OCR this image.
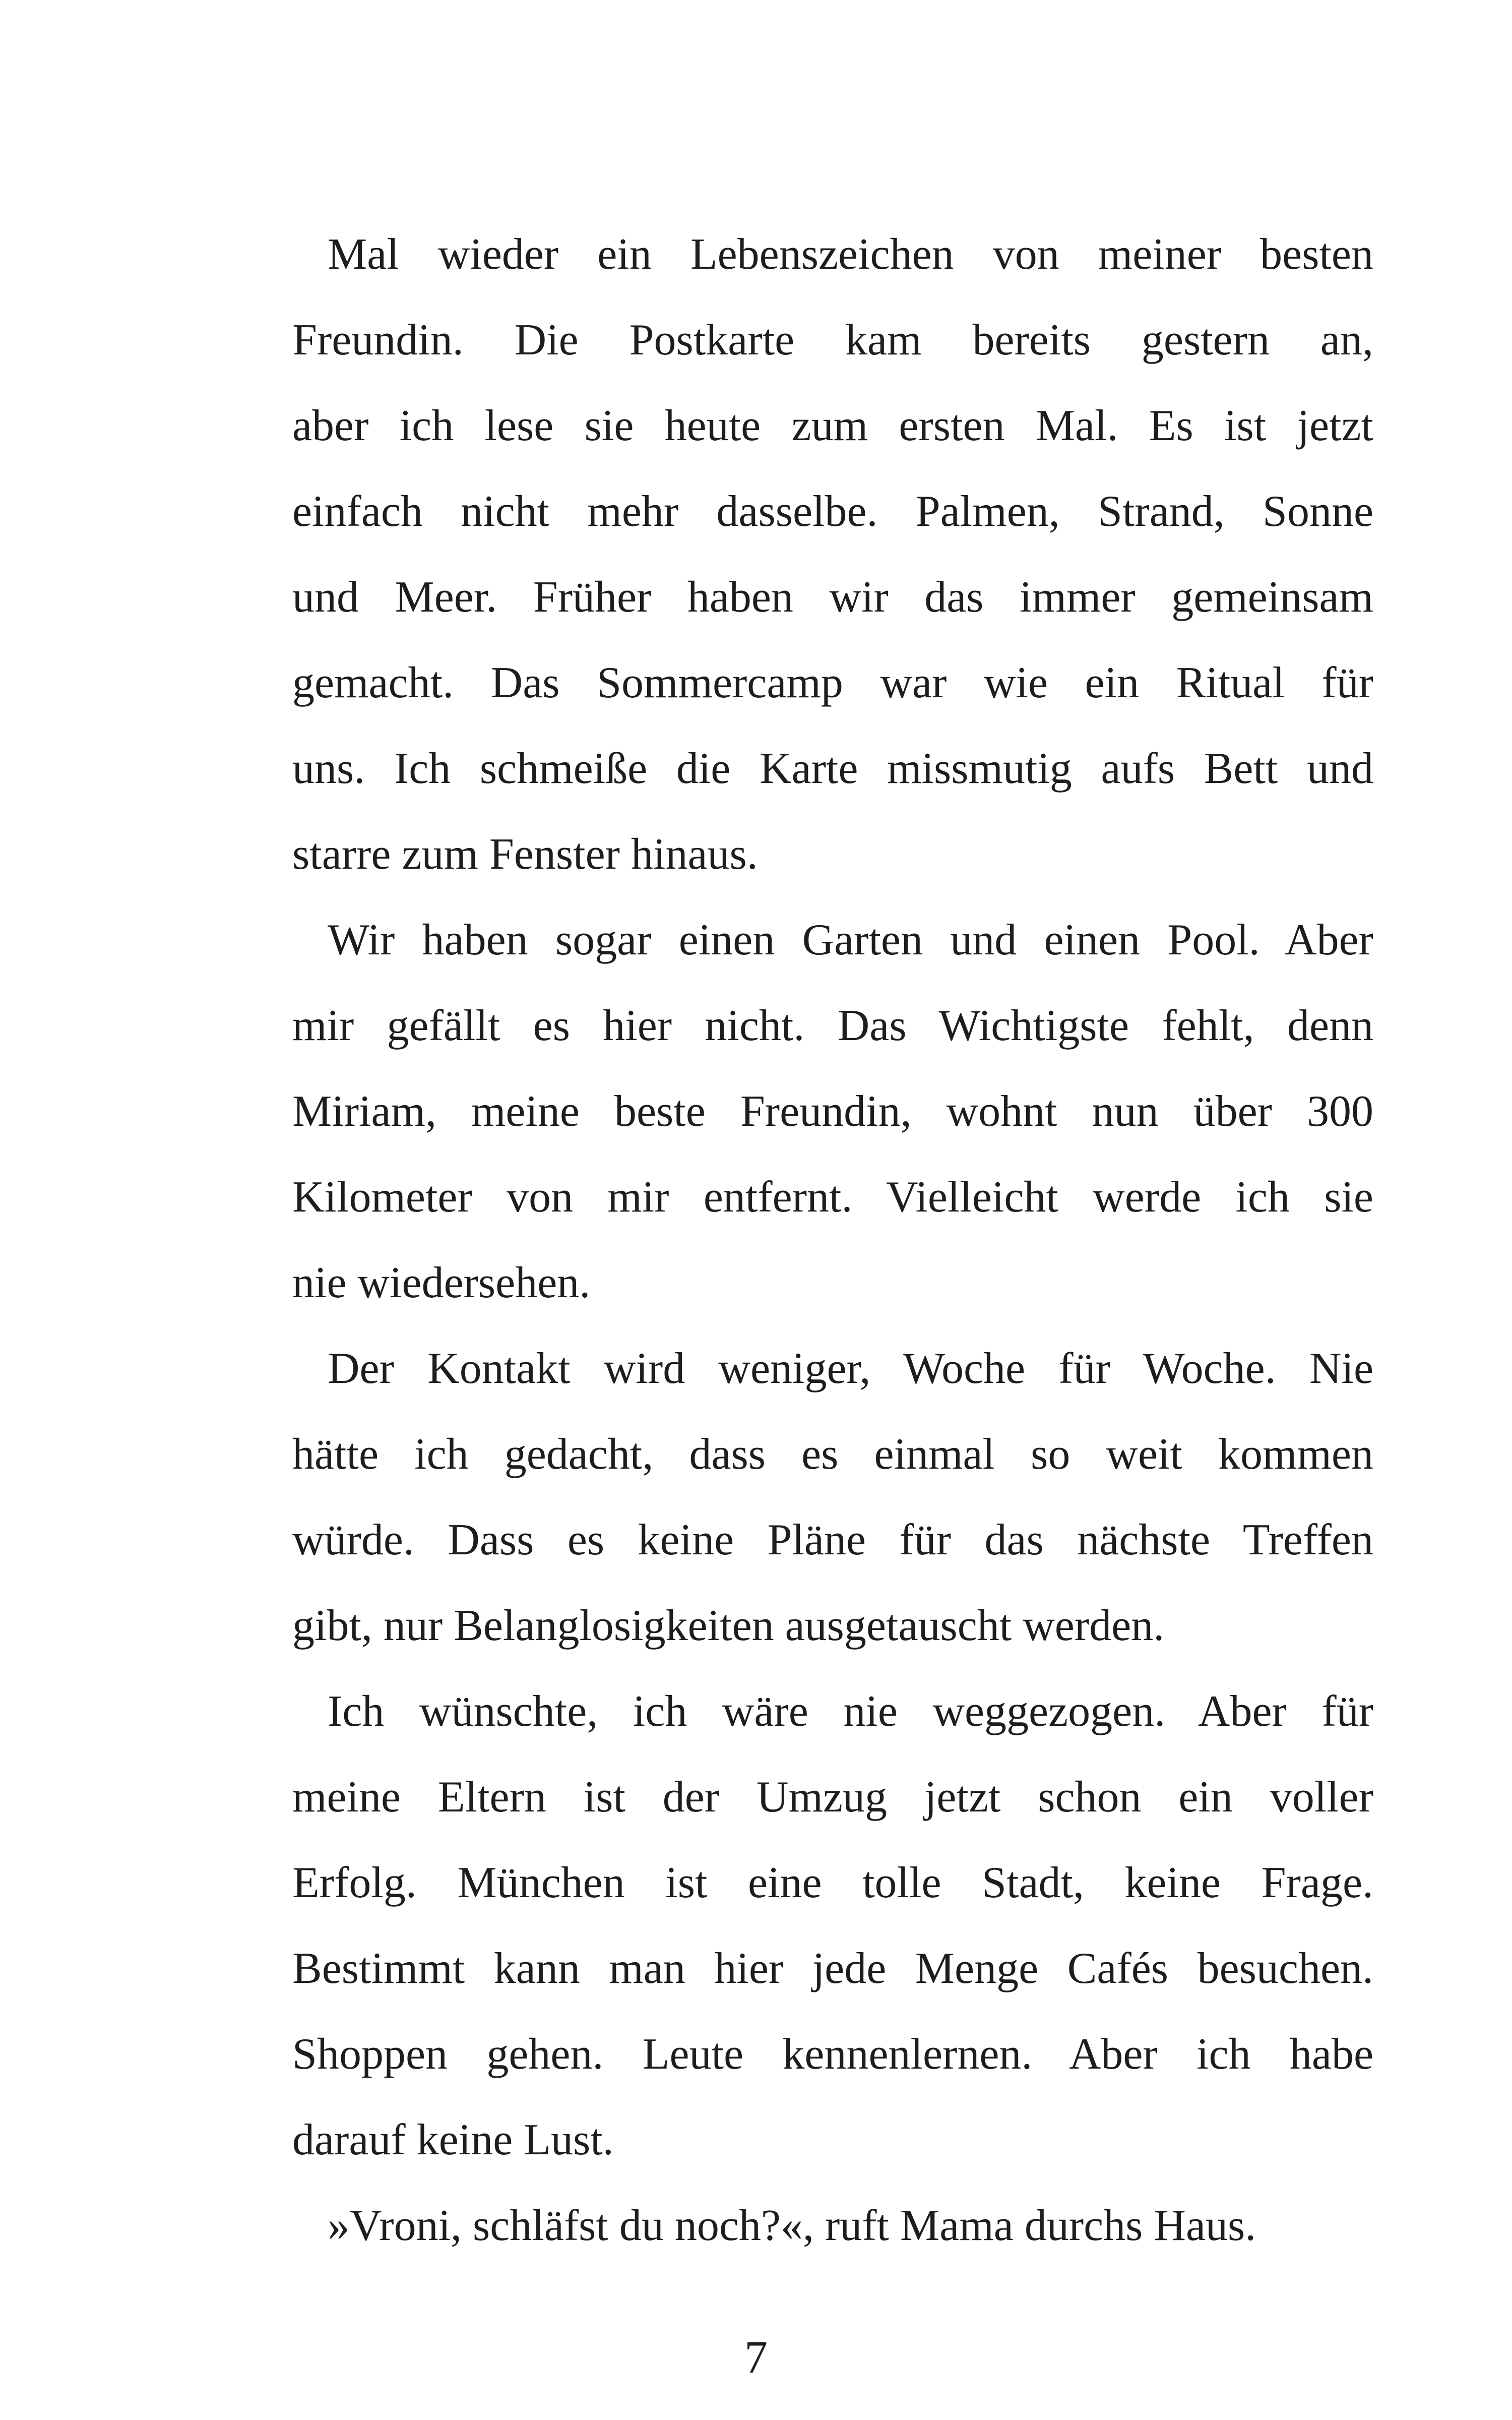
Mal wieder ein Lebenszeichen von meiner besten
Freundin. Die Postkarte kam bereits gestern an,
aber ich lese sie heute zum ersten Mal. Es ist jetzt
einfach nicht mehr dasselbe. Palmen, Strand, Sonne
und Meer. Früher haben wir das immer gemeinsam
gemacht. Das Sommercamp war wie ein Ritual für
uns. Ich schmeiße die Karte missmutig aufs Bett und
starre zum Fenster hinaus.

Wir haben sogar einen Garten und einen Pool. Aber
mir gefällt es hier nicht. Das Wichtigste fehlt, denn
Miriam, meine beste Freundin, wohnt nun über 300
Kilometer von mir entfernt. Vielleicht werde ich sie
nie wiedersehen.

Der Kontakt wird weniger, Woche für Woche. Nie
hätte ich gedacht, dass es einmal so weit kommen
würde. Dass es keine Pläne für das nächste Treffen
gibt, nur Belanglosigkeiten ausgetauscht werden.

Ich wünschte, ich wäre nie weggezogen. Aber für
meine Eltern ist der Umzug jetzt schon ein voller
Erfolg. München ist eine tolle Stadt, keine Frage.
Bestimmt kann man hier jede Menge Cafés besuchen.
Shoppen gehen. Leute kennenlernen. Aber ich habe
darauf keine Lust.

»Vroni, schläfst du noch?«, ruft Mama durchs Haus.

7
